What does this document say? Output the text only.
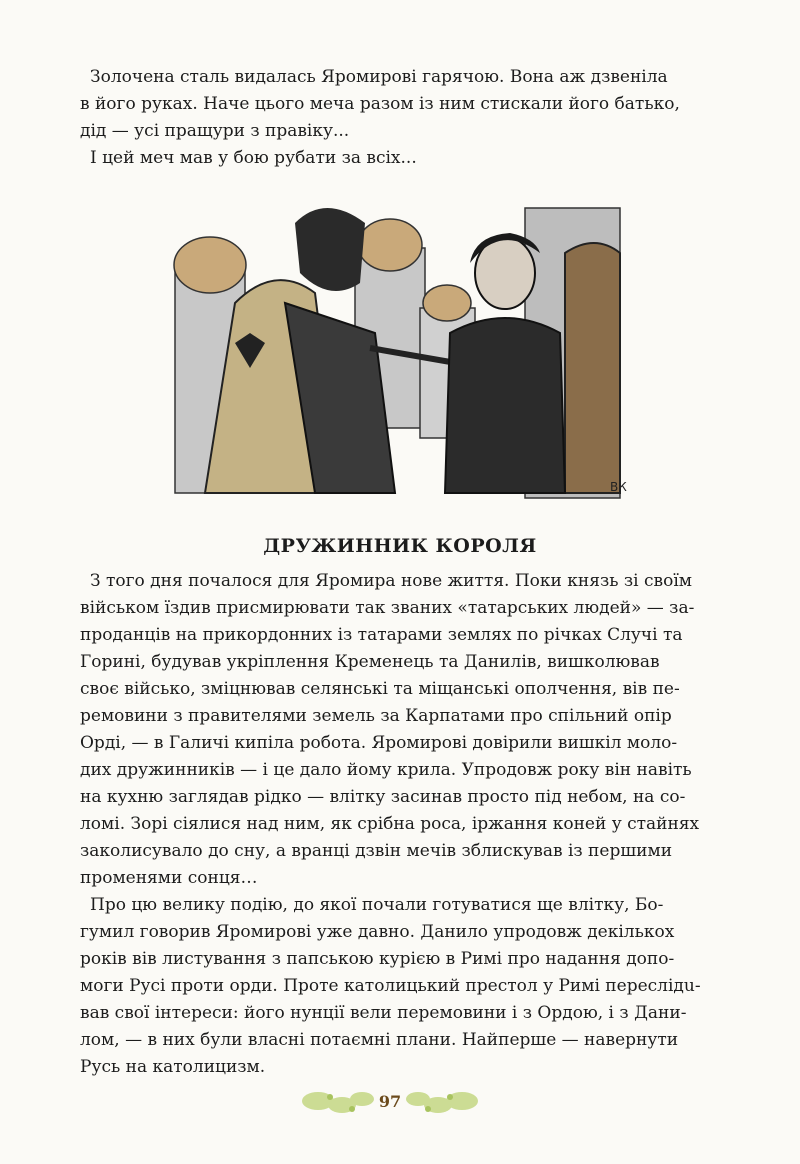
Золочена сталь видалась Яромирові гарячою. Вона аж дзвеніла

в його руках. Наче цього меча разом із ним стискали його батько,

дід — усі пращури з правіку...

І цей меч мав у бою рубати за всіх...

ВК
ДРУЖИННИК КОРОЛЯ

З того дня почалося для Яромира нове життя. Поки князь зі своїм

військом їздив присмирювати так званих «татарських людей» — за-

проданців на прикордонних із татарами землях по річках Случі та

Горині, будував укріплення Кременець та Данилів, вишколював

своє військо, зміцнював селянські та міщанські ополчення, вів пе-

ремовини з правителями земель за Карпатами про спільний опір

Орді, — в Галичі кипіла робота. Яромирові довірили вишкіл моло-

дих дружинників — і це дало йому крила. Упродовж року він навіть

на кухню заглядав рідко — влітку засинав просто під небом, на со-

ломі. Зорі сіялися над ним, як срібна роса, іржання коней у стайнях

заколисувало до сну, а вранці дзвін мечів зблискував із першими

променями сонця…

Про цю велику подію, до якої почали готуватися ще влітку, Бо-

гумил говорив Яромирові уже давно. Данило упродовж декількох

років вів листування з папською курією в Римі про надання допо-

моги Русі проти орди. Проте католицький престол у Римі переслідu-

вав свої інтереси: його нунції вели перемовини і з Ордою, і з Дани-

лом, — в них були власні потаємні плани. Найперше — навернути

Русь на католицизм.

97
